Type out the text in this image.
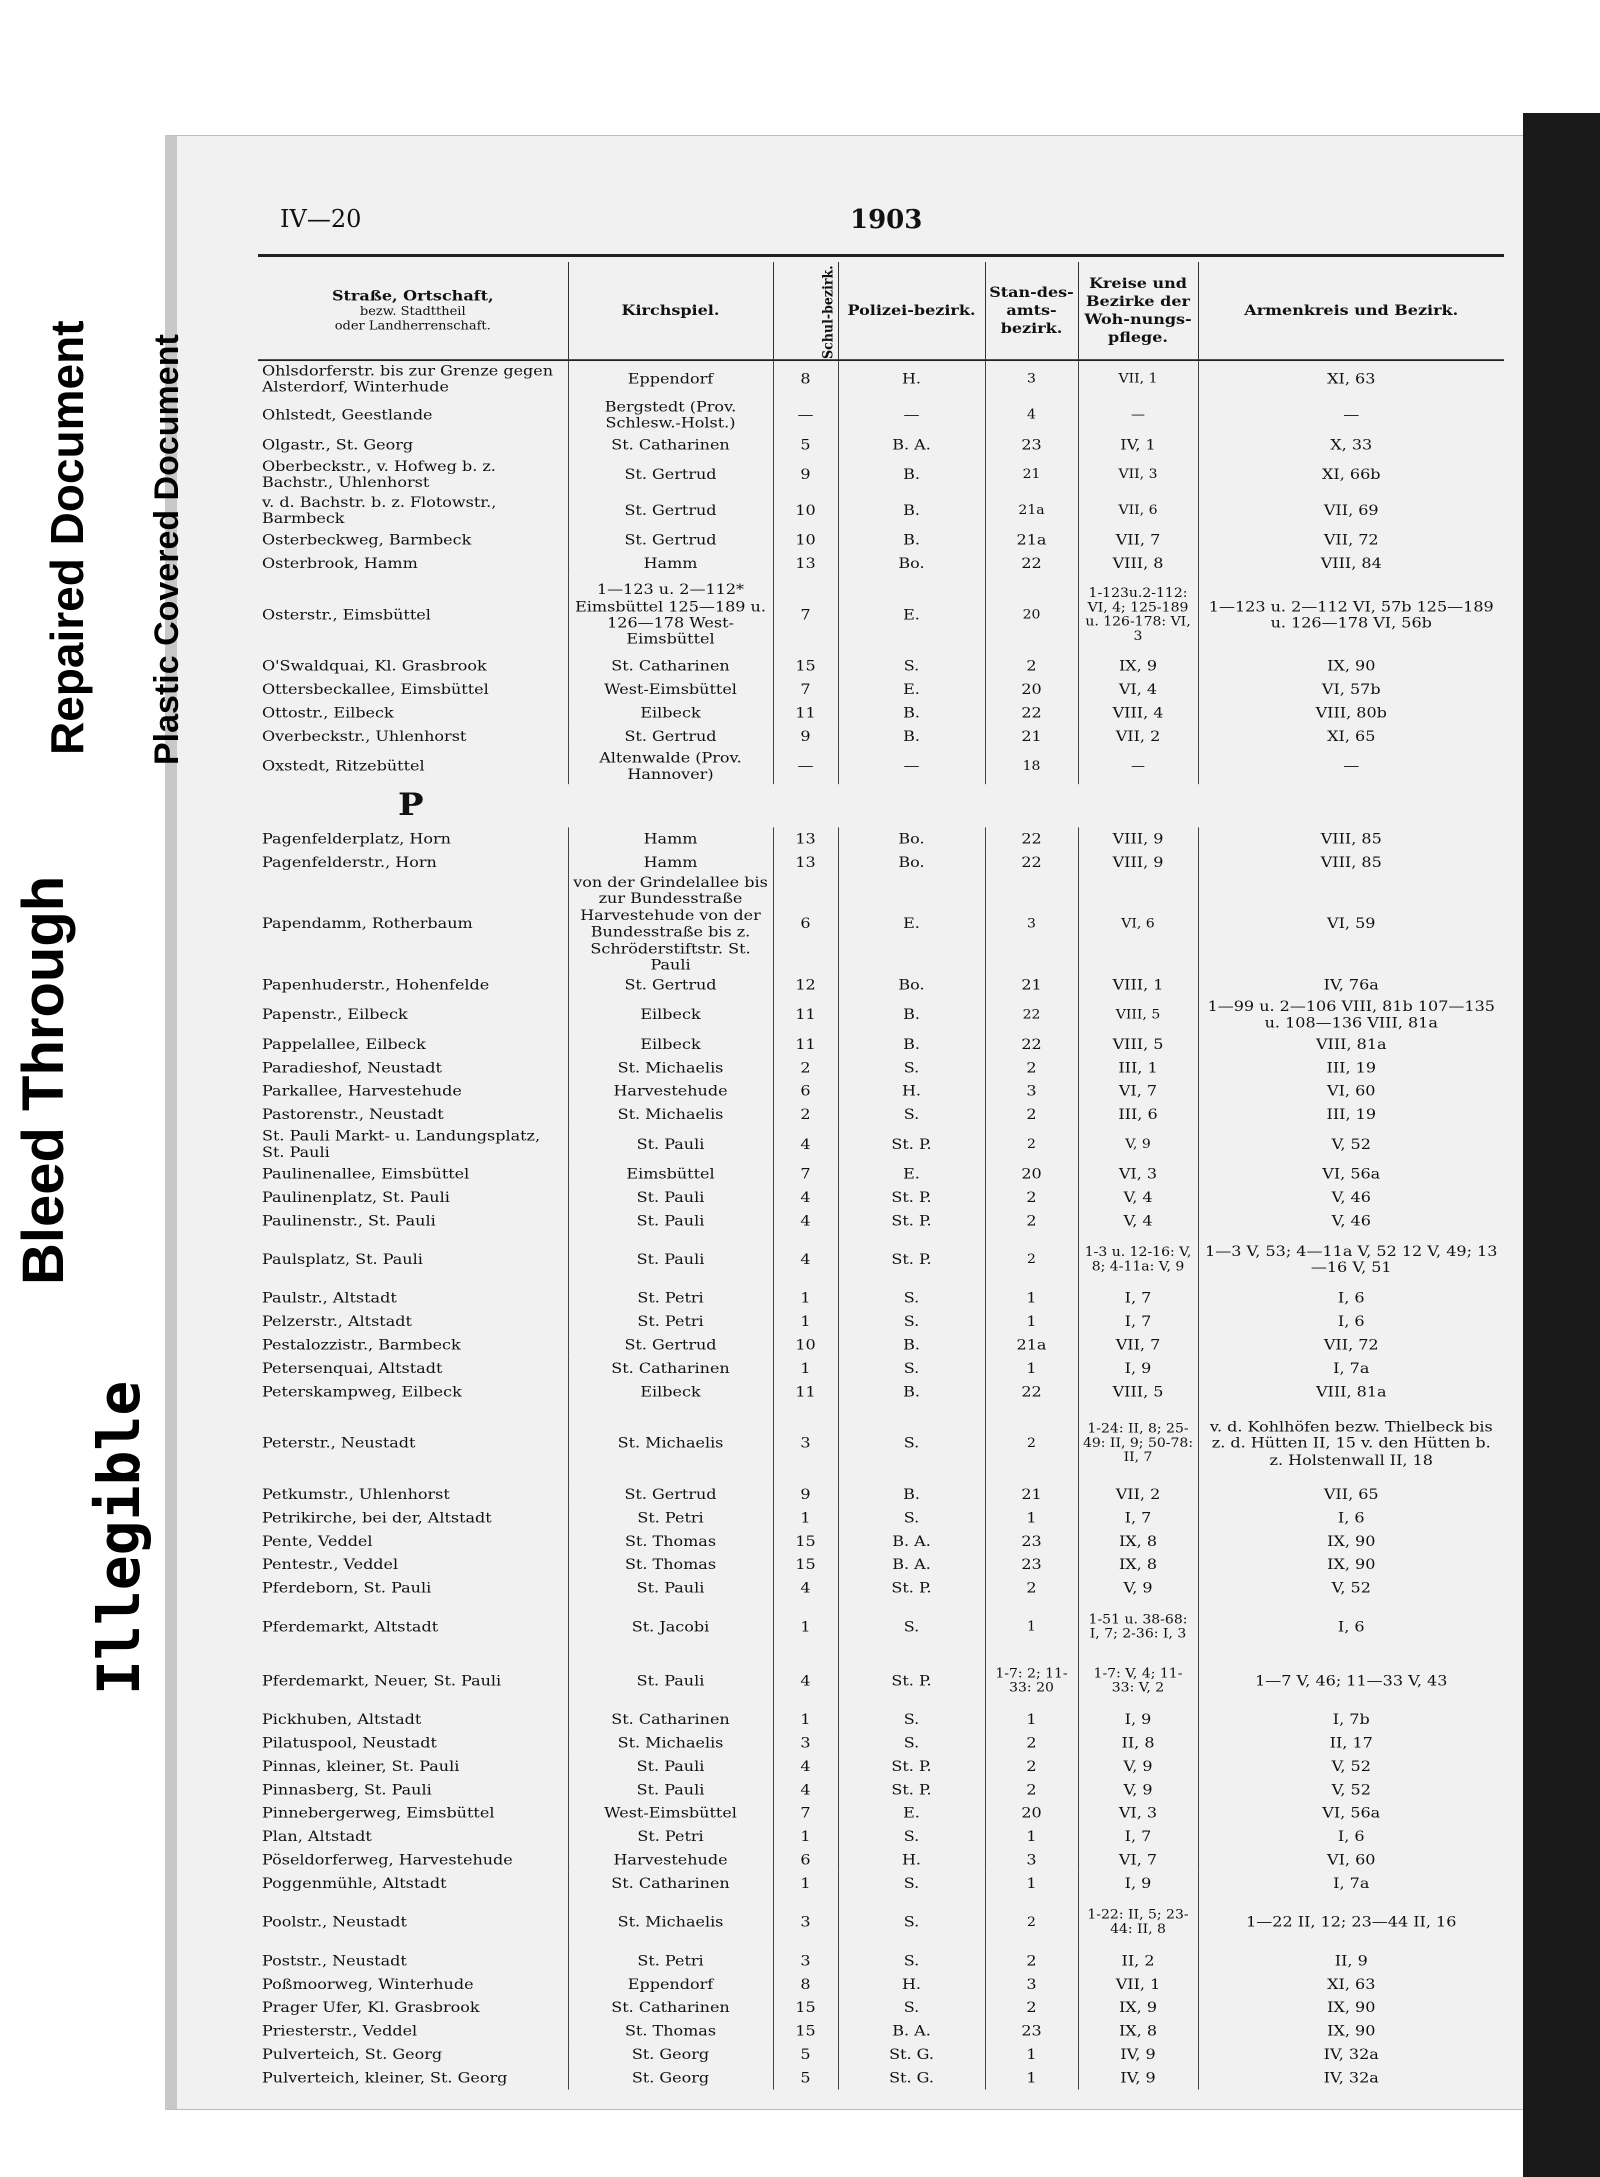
Bleed Through
Repaired Document Plastic Covered Document
Illegible
IV—20	1903
Straße, Ortschaft,
bezw. Stadttheil
oder Landherrenschaft.	Kirchspiel.	Schul-bezirk.	Polizei-bezirk.	Stan-des-amts-bezirk.	Kreise und Bezirke der Woh-nungs-pflege.	Armenkreis und Bezirk.
Ohlsdorferstr. bis zur Grenze gegen Alsterdorf, Winterhude	Eppendorf	8	H.	3	VII, 1	XI, 63
Ohlstedt, Geestlande	Bergstedt (Prov. Schlesw.-Holst.)	—	—	4	—	—
Olgastr., St. Georg	St. Catharinen	5	B. A.	23	IV, 1	X, 33
Oberbeckstr., v. Hofweg b. z. Bachstr., Uhlenhorst	St. Gertrud	9	B.	21	VII, 3	XI, 66b
v. d. Bachstr. b. z. Flotowstr., Barmbeck	St. Gertrud	10	B.	21a	VII, 6	VII, 69
Osterbeckweg, Barmbeck	St. Gertrud	10	B.	21a	VII, 7	VII, 72
Osterbrook, Hamm	Hamm	13	Bo.	22	VIII, 8	VIII, 84
Osterstr., Eimsbüttel	1—123 u. 2—112* Eimsbüttel 125—189 u. 126—178 West-Eimsbüttel	7	E.	20	1-123u.2-112: VI, 4; 125-189 u. 126-178: VI, 3	1—123 u. 2—112 VI, 57b 125—189 u. 126—178 VI, 56b
O'Swaldquai, Kl. Grasbrook	St. Catharinen	15	S.	2	IX, 9	IX, 90
Ottersbeckallee, Eimsbüttel	West-Eimsbüttel	7	E.	20	VI, 4	VI, 57b
Ottostr., Eilbeck	Eilbeck	11	B.	22	VIII, 4	VIII, 80b
Overbeckstr., Uhlenhorst	St. Gertrud	9	B.	21	VII, 2	XI, 65
Oxstedt, Ritzebüttel	Altenwalde (Prov. Hannover)	—	—	18	—	—
P						
Pagenfelderplatz, Horn	Hamm	13	Bo.	22	VIII, 9	VIII, 85
Pagenfelderstr., Horn	Hamm	13	Bo.	22	VIII, 9	VIII, 85
Papendamm, Rotherbaum	von der Grindelallee bis zur Bundesstraße Harvestehude von der Bundesstraße bis z. Schröderstiftstr. St. Pauli	6	E.	3	VI, 6	VI, 59
Papenhuderstr., Hohenfelde	St. Gertrud	12	Bo.	21	VIII, 1	IV, 76a
Papenstr., Eilbeck	Eilbeck	11	B.	22	VIII, 5	1—99 u. 2—106 VIII, 81b 107—135 u. 108—136 VIII, 81a
Pappelallee, Eilbeck	Eilbeck	11	B.	22	VIII, 5	VIII, 81a
Paradieshof, Neustadt	St. Michaelis	2	S.	2	III, 1	III, 19
Parkallee, Harvestehude	Harvestehude	6	H.	3	VI, 7	VI, 60
Pastorenstr., Neustadt	St. Michaelis	2	S.	2	III, 6	III, 19
St. Pauli Markt- u. Landungsplatz, St. Pauli	St. Pauli	4	St. P.	2	V, 9	V, 52
Paulinenallee, Eimsbüttel	Eimsbüttel	7	E.	20	VI, 3	VI, 56a
Paulinenplatz, St. Pauli	St. Pauli	4	St. P.	2	V, 4	V, 46
Paulinenstr., St. Pauli	St. Pauli	4	St. P.	2	V, 4	V, 46
Paulsplatz, St. Pauli	St. Pauli	4	St. P.	2	1-3 u. 12-16: V, 8; 4-11a: V, 9	1—3 V, 53; 4—11a V, 52 12 V, 49; 13—16 V, 51
Paulstr., Altstadt	St. Petri	1	S.	1	I, 7	I, 6
Pelzerstr., Altstadt	St. Petri	1	S.	1	I, 7	I, 6
Pestalozzistr., Barmbeck	St. Gertrud	10	B.	21a	VII, 7	VII, 72
Petersenquai, Altstadt	St. Catharinen	1	S.	1	I, 9	I, 7a
Peterskampweg, Eilbeck	Eilbeck	11	B.	22	VIII, 5	VIII, 81a
Peterstr., Neustadt	St. Michaelis	3	S.	2	1-24: II, 8; 25-49: II, 9; 50-78: II, 7	v. d. Kohlhöfen bezw. Thielbeck bis z. d. Hütten II, 15 v. den Hütten b. z. Holstenwall II, 18
Petkumstr., Uhlenhorst	St. Gertrud	9	B.	21	VII, 2	VII, 65
Petrikirche, bei der, Altstadt	St. Petri	1	S.	1	I, 7	I, 6
Pente, Veddel	St. Thomas	15	B. A.	23	IX, 8	IX, 90
Pentestr., Veddel	St. Thomas	15	B. A.	23	IX, 8	IX, 90
Pferdeborn, St. Pauli	St. Pauli	4	St. P.	2	V, 9	V, 52
Pferdemarkt, Altstadt	St. Jacobi	1	S.	1	1-51 u. 38-68: I, 7; 2-36: I, 3	I, 6
Pferdemarkt, Neuer, St. Pauli	St. Pauli	4	St. P.	1-7: 2; 11-33: 20	1-7: V, 4; 11-33: V, 2	1—7 V, 46; 11—33 V, 43
Pickhuben, Altstadt	St. Catharinen	1	S.	1	I, 9	I, 7b
Pilatuspool, Neustadt	St. Michaelis	3	S.	2	II, 8	II, 17
Pinnas, kleiner, St. Pauli	St. Pauli	4	St. P.	2	V, 9	V, 52
Pinnasberg, St. Pauli	St. Pauli	4	St. P.	2	V, 9	V, 52
Pinnebergerweg, Eimsbüttel	West-Eimsbüttel	7	E.	20	VI, 3	VI, 56a
Plan, Altstadt	St. Petri	1	S.	1	I, 7	I, 6
Pöseldorferweg, Harvestehude	Harvestehude	6	H.	3	VI, 7	VI, 60
Poggenmühle, Altstadt	St. Catharinen	1	S.	1	I, 9	I, 7a
Poolstr., Neustadt	St. Michaelis	3	S.	2	1-22: II, 5; 23-44: II, 8	1—22 II, 12; 23—44 II, 16
Poststr., Neustadt	St. Petri	3	S.	2	II, 2	II, 9
Poßmoorweg, Winterhude	Eppendorf	8	H.	3	VII, 1	XI, 63
Prager Ufer, Kl. Grasbrook	St. Catharinen	15	S.	2	IX, 9	IX, 90
Priesterstr., Veddel	St. Thomas	15	B. A.	23	IX, 8	IX, 90
Pulverteich, St. Georg	St. Georg	5	St. G.	1	IV, 9	IV, 32a
Pulverteich, kleiner, St. Georg	St. Georg	5	St. G.	1	IV, 9	IV, 32a
